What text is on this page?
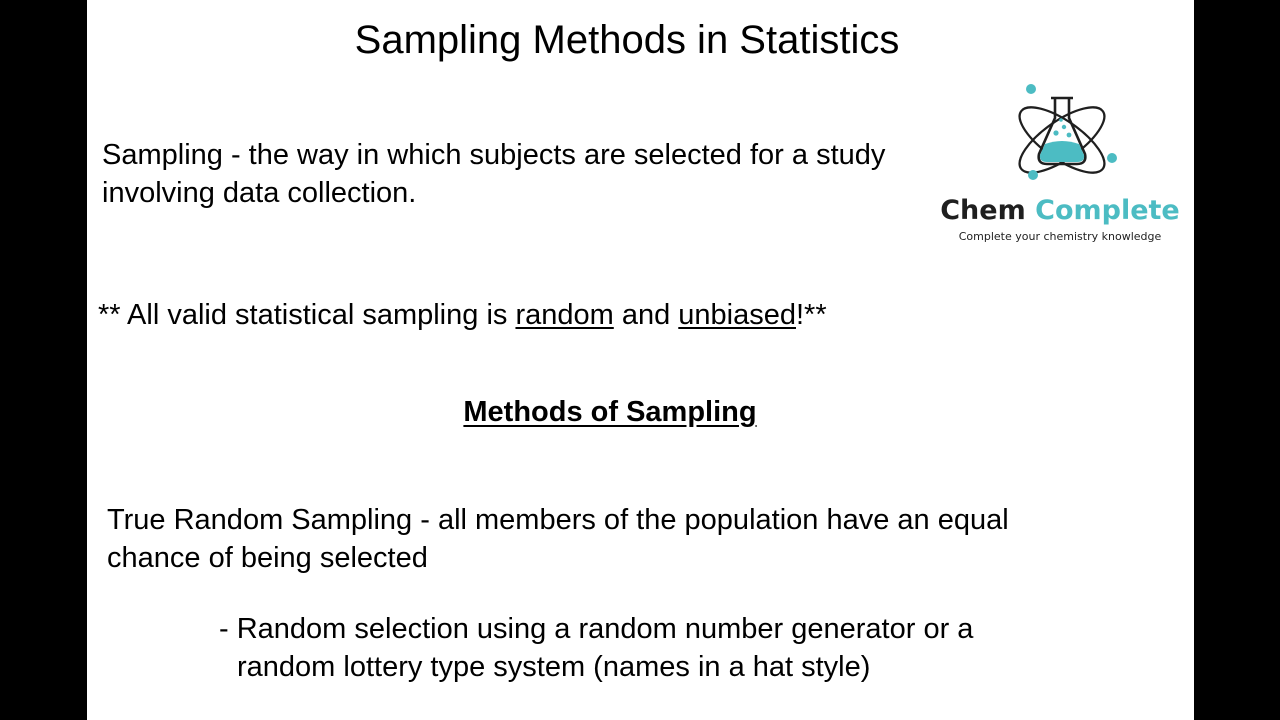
Sampling Methods in Statistics
Sampling - the way in which subjects are selected for a study involving data collection.
** All valid statistical sampling is random and unbiased!**
Methods of Sampling
True Random Sampling - all members of the population have an equal chance of being selected
- Random selection using a random number generator or a
random lottery type system (names in a hat style)
Chem Complete
Complete your chemistry knowledge
